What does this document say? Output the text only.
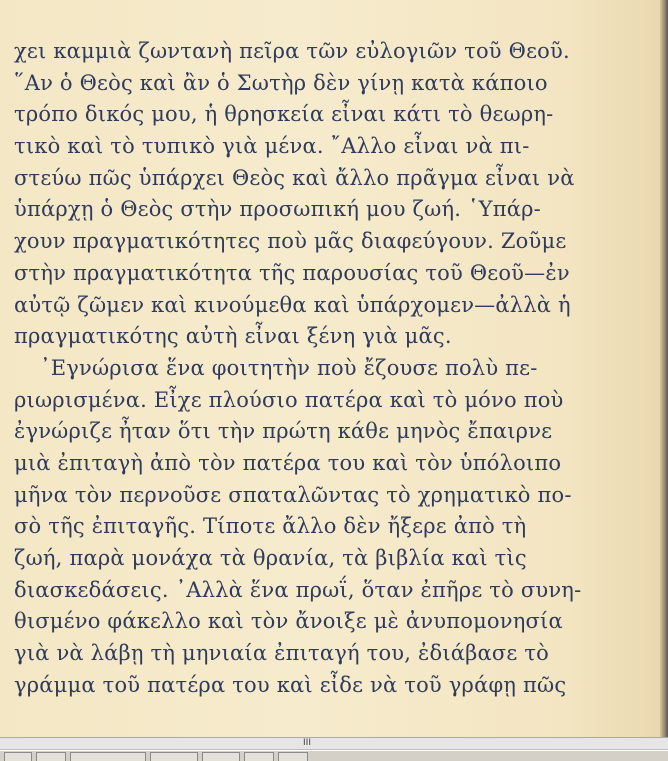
χει καμμιὰ ζωντανὴ πεῖρα τῶν εὐλογιῶν τοῦ Θεοῦ.
῞Αν ὁ Θεὸς καὶ ἂν ὁ Σωτὴρ δὲν γίνῃ κατὰ κάποιο
τρόπο δικός μου, ἡ θρησκεία εἶναι κάτι τὸ θεωρη-
τικὸ καὶ τὸ τυπικὸ γιὰ μένα. ῎Αλλο εἶναι νὰ πι-
στεύω πῶς ὑπάρχει Θεὸς καὶ ἄλλο πρᾶγμα εἶναι νὰ
ὑπάρχῃ ὁ Θεὸς στὴν προσωπική μου ζωή. ῾Υπάρ-
χουν πραγματικότητες ποὺ μᾶς διαφεύγουν. Ζοῦμε
στὴν πραγματικότητα τῆς παρουσίας τοῦ Θεοῦ—ἐν
αὐτῷ ζῶμεν καὶ κινούμεθα καὶ ὑπάρχομεν—ἀλλὰ ἡ
πραγματικότης αὐτὴ εἶναι ξένη γιὰ μᾶς.
᾿Εγνώρισα ἕνα φοιτητὴν ποὺ ἔζουσε πολὺ πε-
ριωρισμένα. Εἶχε πλούσιο πατέρα καὶ τὸ μόνο ποὺ
ἐγνώριζε ἦταν ὅτι τὴν πρώτη κάθε μηνὸς ἔπαιρνε
μιὰ ἐπιταγὴ ἀπὸ τὸν πατέρα του καὶ τὸν ὑπόλοιπο
μῆνα τὸν περνοῦσε σπαταλῶντας τὸ χρηματικὸ πο-
σὸ τῆς ἐπιταγῆς. Τίποτε ἄλλο δὲν ἤξερε ἀπὸ τὴ
ζωή, παρὰ μονάχα τὰ θρανία, τὰ βιβλία καὶ τὶς
διασκεδάσεις. ᾿Αλλὰ ἕνα πρωΐ, ὅταν ἐπῆρε τὸ συνη-
θισμένο φάκελλο καὶ τὸν ἄνοιξε μὲ ἀνυπομονησία
γιὰ νὰ λάβῃ τὴ μηνιαία ἐπιταγή του, ἐδιάβασε τὸ
γράμμα τοῦ πατέρα του καὶ εἶδε νὰ τοῦ γράφῃ πῶς
III
